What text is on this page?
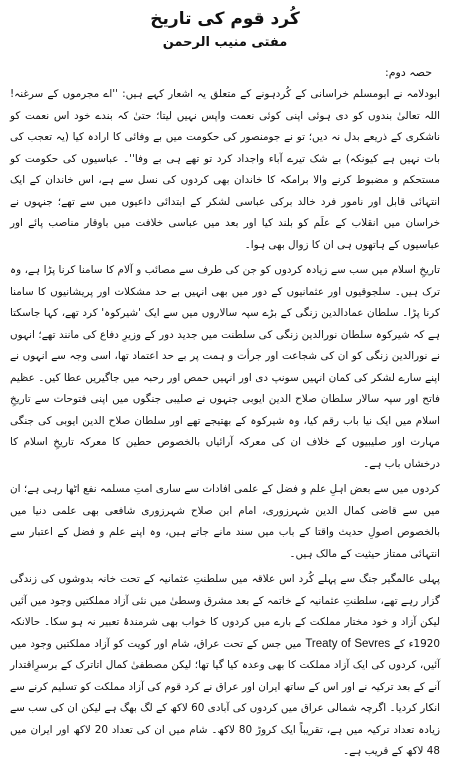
کُرد قوم کی تاریخ
مفتی منیب الرحمن
حصہ دوم:

ابودلامہ نے ابومسلم خراسانی کے کُردہونے کے متعلق یہ اشعار کہے ہیں: ''اے مجرموں کے سرغنہ! اللہ تعالیٰ بندوں کو دی ہوئی اپنی کوئی نعمت واپس نہیں لیتا؛ حتیٰ کہ بندے خود اس نعمت کو ناشکری کے ذریعے بدل نہ دیں؛ تو نے جومنصور کی حکومت میں بے وفائی کا ارادہ کیا (یہ تعجب کی بات نہیں ہے کیونکہ) بے شک تیرے آباء واجداد کرد تو تھے ہی بے وفا''۔ عباسیوں کی حکومت کو مستحکم و مضبوط کرنے والا برامکہ کا خاندان بھی کردوں کی نسل سے ہے، اس خاندان کے ایک انتہائی قابل اور نامور فرد خالد برکی عباسی لشکر کے ابتدائی داعیوں میں سے تھے؛ جنہوں نے خراسان میں انقلاب کے علَم کو بلند کیا اور بعد میں عباسی خلافت میں باوقار مناصب پائے اور عباسیوں کے ہاتھوں ہی ان کا زوال بھی ہوا۔

تاریخِ اسلام میں سب سے زیادہ کردوں کو جن کی طرف سے مصائب و آلام کا سامنا کرنا پڑا ہے، وہ ترک ہیں۔ سلجوقیوں اور عثمانیوں کے دور میں بھی انہیں بے حد مشکلات اور پریشانیوں کا سامنا کرنا پڑا۔ سلطان عمادالدین زنگی کے بڑے سپہ سالاروں میں سے ایک 'شیرکوہ' کرد تھے، کہا جاسکتا ہے کہ شیرکوہ سلطان نورالدین زنگی کی سلطنت میں جدید دور کے وزیرِ دفاع کی مانند تھے؛ انہوں نے نورالدین زنگی کو ان کی شجاعت اور جرأت و ہمت پر بے حد اعتماد تھا، اسی وجہ سے انہوں نے اپنے سارے لشکر کی کمان انہیں سونپ دی اور انہیں حمص اور رحبہ میں جاگیریں عطا کیں۔ عظیم فاتح اور سپہ سالار سلطان صلاح الدین ایوبی جنہوں نے صلیبی جنگوں میں اپنی فتوحات سے تاریخِ اسلام میں ایک نیا باب رقم کیا، وہ شیرکوہ کے بھتیجے تھے اور سلطان صلاح الدین ایوبی کی جنگی مہارت اور صلیبیوں کے خلاف ان کی معرکہ آرائیاں بالخصوص حطین کا معرکہ تاریخِ اسلام کا درخشاں باب ہے۔

کردوں میں سے بعض اہلِ علم و فضل کے علمی افادات سے ساری امتِ مسلمہ نفع اٹھا رہی ہے؛ ان میں سے قاضی کمال الدین شہرزوری، امام ابن صلاح شہرزوری شافعی بھی علمی دنیا میں بالخصوص اصولِ حدیث واقتا کے باب میں سند مانے جاتے ہیں، وہ اپنے علم و فضل کے اعتبار سے انتہائی ممتاز حیثیت کے مالک ہیں۔

پہلی عالمگیر جنگ سے پہلے کُرد اس علاقہ میں سلطنتِ عثمانیہ کے تحت خانہ بدوشوں کی زندگی گزار رہے تھے، سلطنتِ عثمانیہ کے خاتمہ کے بعد مشرق وسطیٰ میں نئی آزاد مملکتیں وجود میں آئیں لیکن آزاد و خود مختار مملکت کے بارے میں کردوں کا خواب بھی شرمندۂ تعبیر نہ ہو سکا۔ حالانکہ 1920ء کے Treaty of Sevres میں جس کے تحت عراق، شام اور کویت کو آزاد مملکتیں وجود میں آئیں، کردوں کی ایک آزاد مملکت کا بھی وعدہ کیا گیا تھا؛ لیکن مصطفیٰ کمال اتاترک کے برسرِاقتدار آنے کے بعد ترکیہ نے اور اس کے ساتھ ایران اور عراق نے کرد قوم کی آزاد مملکت کو تسلیم کرنے سے انکار کردیا۔ اگرچہ شمالی عراق میں کردوں کی آبادی 60 لاکھ کے لگ بھگ ہے لیکن ان کی سب سے زیادہ تعداد ترکیہ میں ہے، تقریباً ایک کروڑ 80 لاکھ۔ شام میں ان کی تعداد 20 لاکھ اور ایران میں 48 لاکھ کے قریب ہے۔
